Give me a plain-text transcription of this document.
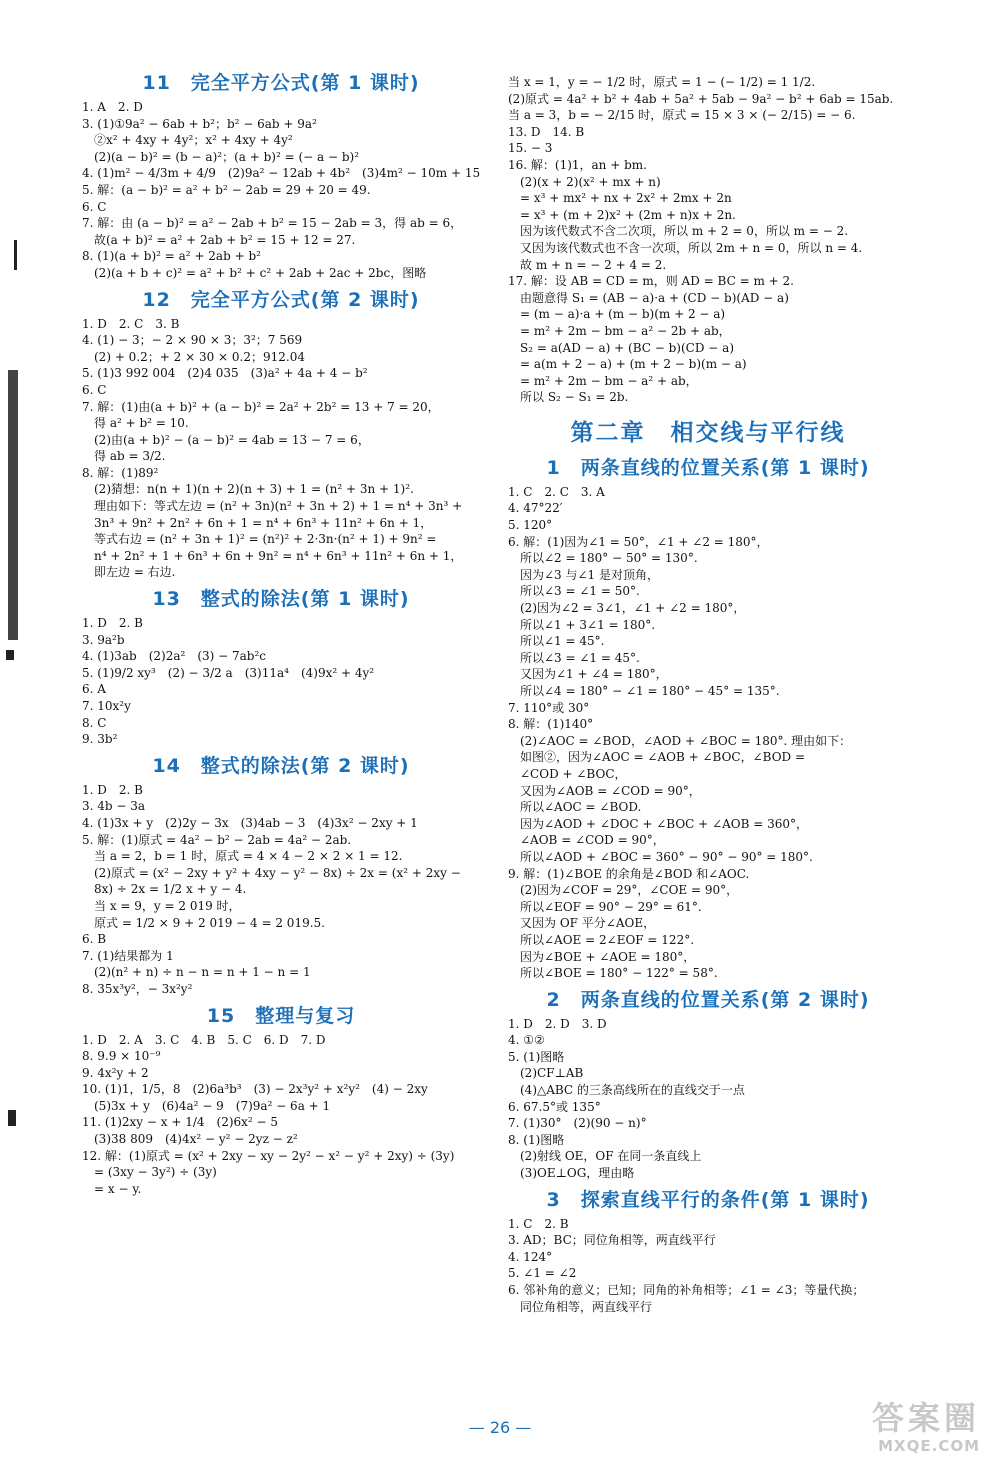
11　完全平方公式(第 1 课时)
1. A　2. D
3. (1)①9a² − 6ab + b²；b² − 6ab + 9a²
　②x² + 4xy + 4y²；x² + 4xy + 4y²
　(2)(a − b)² = (b − a)²；(a + b)² = (− a − b)²
4. (1)m² − 4/3m + 4/9　(2)9a² − 12ab + 4b²　(3)4m² − 10m + 15
5. 解：(a − b)² = a² + b² − 2ab = 29 + 20 = 49.
6. C
7. 解：由 (a − b)² = a² − 2ab + b² = 15 − 2ab = 3，得 ab = 6，
　故(a + b)² = a² + 2ab + b² = 15 + 12 = 27.
8. (1)(a + b)² = a² + 2ab + b²
　(2)(a + b + c)² = a² + b² + c² + 2ab + 2ac + 2bc，图略
12　完全平方公式(第 2 课时)
1. D　2. C　3. B
4. (1) − 3；− 2 × 90 × 3；3²；7 569
　(2) + 0.2；+ 2 × 30 × 0.2；912.04
5. (1)3 992 004　(2)4 035　(3)a² + 4a + 4 − b²
6. C
7. 解：(1)由(a + b)² + (a − b)² = 2a² + 2b² = 13 + 7 = 20，
　得 a² + b² = 10.
　(2)由(a + b)² − (a − b)² = 4ab = 13 − 7 = 6，
　得 ab = 3/2.
8. 解：(1)89²
　(2)猜想：n(n + 1)(n + 2)(n + 3) + 1 = (n² + 3n + 1)².
　理由如下：等式左边 = (n² + 3n)(n² + 3n + 2) + 1 = n⁴ + 3n³ +
　3n³ + 9n² + 2n² + 6n + 1 = n⁴ + 6n³ + 11n² + 6n + 1，
　等式右边 = (n² + 3n + 1)² = (n²)² + 2·3n·(n² + 1) + 9n² =
　n⁴ + 2n² + 1 + 6n³ + 6n + 9n² = n⁴ + 6n³ + 11n² + 6n + 1，
　即左边 = 右边.
13　整式的除法(第 1 课时)
1. D　2. B
3. 9a²b
4. (1)3ab　(2)2a²　(3) − 7ab²c
5. (1)9/2 xy³　(2) − 3/2 a　(3)11a⁴　(4)9x² + 4y²
6. A
7. 10x²y
8. C
9. 3b²
14　整式的除法(第 2 课时)
1. D　2. B
3. 4b − 3a
4. (1)3x + y　(2)2y − 3x　(3)4ab − 3　(4)3x² − 2xy + 1
5. 解：(1)原式 = 4a² − b² − 2ab = 4a² − 2ab.
　当 a = 2，b = 1 时，原式 = 4 × 4 − 2 × 2 × 1 = 12.
　(2)原式 = (x² − 2xy + y² + 4xy − y² − 8x) ÷ 2x = (x² + 2xy −
　8x) ÷ 2x = 1/2 x + y − 4.
　当 x = 9，y = 2 019 时，
　原式 = 1/2 × 9 + 2 019 − 4 = 2 019.5.
6. B
7. (1)结果都为 1
　(2)(n² + n) ÷ n − n = n + 1 − n = 1
8. 35x³y²，− 3x²y²
15　整理与复习
1. D　2. A　3. C　4. B　5. C　6. D　7. D
8. 9.9 × 10⁻⁹
9. 4x²y + 2
10. (1)1，1/5，8　(2)6a³b³　(3) − 2x³y² + x²y²　(4) − 2xy
　(5)3x + y　(6)4a² − 9　(7)9a² − 6a + 1
11. (1)2xy − x + 1/4　(2)6x² − 5
　(3)38 809　(4)4x² − y² − 2yz − z²
12. 解：(1)原式 = (x² + 2xy − xy − 2y² − x² − y² + 2xy) ÷ (3y)
　= (3xy − 3y²) ÷ (3y)
　= x − y.
当 x = 1，y = − 1/2 时，原式 = 1 − (− 1/2) = 1 1/2.
(2)原式 = 4a² + b² + 4ab + 5a² + 5ab − 9a² − b² + 6ab = 15ab.
当 a = 3，b = − 2/15 时，原式 = 15 × 3 × (− 2/15) = − 6.
13. D　14. B
15. − 3
16. 解：(1)1，an + bm.
　(2)(x + 2)(x² + mx + n)
　= x³ + mx² + nx + 2x² + 2mx + 2n
　= x³ + (m + 2)x² + (2m + n)x + 2n.
　因为该代数式不含二次项，所以 m + 2 = 0，所以 m = − 2.
　又因为该代数式也不含一次项，所以 2m + n = 0，所以 n = 4.
　故 m + n = − 2 + 4 = 2.
17. 解：设 AB = CD = m，则 AD = BC = m + 2.
　由题意得 S₁ = (AB − a)·a + (CD − b)(AD − a)
　= (m − a)·a + (m − b)(m + 2 − a)
　= m² + 2m − bm − a² − 2b + ab，
　S₂ = a(AD − a) + (BC − b)(CD − a)
　= a(m + 2 − a) + (m + 2 − b)(m − a)
　= m² + 2m − bm − a² + ab，
　所以 S₂ − S₁ = 2b.
第二章　相交线与平行线
1　两条直线的位置关系(第 1 课时)
1. C　2. C　3. A
4. 47°22′
5. 120°
6. 解：(1)因为∠1 = 50°，∠1 + ∠2 = 180°，
　所以∠2 = 180° − 50° = 130°.
　因为∠3 与∠1 是对顶角，
　所以∠3 = ∠1 = 50°.
　(2)因为∠2 = 3∠1，∠1 + ∠2 = 180°，
　所以∠1 + 3∠1 = 180°.
　所以∠1 = 45°.
　所以∠3 = ∠1 = 45°.
　又因为∠1 + ∠4 = 180°，
　所以∠4 = 180° − ∠1 = 180° − 45° = 135°.
7. 110°或 30°
8. 解：(1)140°
　(2)∠AOC = ∠BOD，∠AOD + ∠BOC = 180°. 理由如下：
　如图②，因为∠AOC = ∠AOB + ∠BOC，∠BOD =
　∠COD + ∠BOC，
　又因为∠AOB = ∠COD = 90°，
　所以∠AOC = ∠BOD.
　因为∠AOD + ∠DOC + ∠BOC + ∠AOB = 360°，
　∠AOB = ∠COD = 90°，
　所以∠AOD + ∠BOC = 360° − 90° − 90° = 180°.
9. 解：(1)∠BOE 的余角是∠BOD 和∠AOC.
　(2)因为∠COF = 29°，∠COE = 90°，
　所以∠EOF = 90° − 29° = 61°.
　又因为 OF 平分∠AOE，
　所以∠AOE = 2∠EOF = 122°.
　因为∠BOE + ∠AOE = 180°，
　所以∠BOE = 180° − 122° = 58°.
2　两条直线的位置关系(第 2 课时)
1. D　2. D　3. D
4. ①②
5. (1)图略
　(2)CF⊥AB
　(4)△ABC 的三条高线所在的直线交于一点
6. 67.5°或 135°
7. (1)30°　(2)(90 − n)°
8. (1)图略
　(2)射线 OE，OF 在同一条直线上
　(3)OE⊥OG，理由略
3　探索直线平行的条件(第 1 课时)
1. C　2. B
3. AD；BC；同位角相等，两直线平行
4. 124°
5. ∠1 = ∠2
6. 邻补角的意义；已知；同角的补角相等；∠1 = ∠3；等量代换；
　同位角相等，两直线平行
— 26 —	答案圈
MXQE.COM
